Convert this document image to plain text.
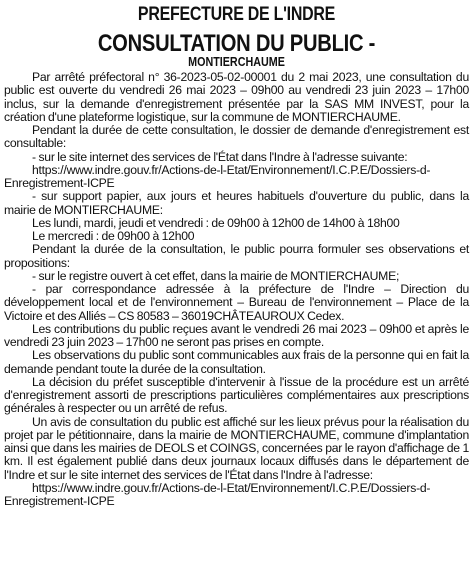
PREFECTURE DE L'INDRE
CONSULTATION DU PUBLIC -
MONTIERCHAUME

Par arrêté préfectoral n° 36-2023-05-02-00001 du 2 mai 2023, une consultation du public est ouverte du vendredi 26 mai 2023 – 09h00 au vendredi 23 juin 2023 – 17h00 inclus, sur la demande d'enregistrement présentée par la SAS MM INVEST, pour la création d'une plateforme logistique, sur la commune de MONTIERCHAUME.

Pendant la durée de cette consultation, le dossier de demande d'enregistrement est consultable:

- sur le site internet des services de l'État dans l'Indre à l'adresse suivante:

https://www.indre.gouv.fr/Actions-de-l-Etat/Environnement/I.C.P.E/Dossiers-d-Enregistrement-ICPE

- sur support papier, aux jours et heures habituels d'ouverture du public, dans la mairie de MONTIERCHAUME:

Les lundi, mardi, jeudi et vendredi : de 09h00 à 12h00 de 14h00 à 18h00

Le mercredi : de 09h00 à 12h00

Pendant la durée de la consultation, le public pourra formuler ses observations et propositions:

- sur le registre ouvert à cet effet, dans la mairie de MONTIERCHAUME;

- par correspondance adressée à la préfecture de l'Indre – Direction du développement local et de l'environnement – Bureau de l'environnement – Place de la Victoire et des Alliés – CS 80583 – 36019CHÂTEAUROUX Cedex.

Les contributions du public reçues avant le vendredi 26 mai 2023 – 09h00 et après le vendredi 23 juin 2023 – 17h00 ne seront pas prises en compte.

Les observations du public sont communicables aux frais de la personne qui en fait la demande pendant toute la durée de la consultation.

La décision du préfet susceptible d'intervenir à l'issue de la procédure est un arrêté d'enregistrement assorti de prescriptions particulières complémentaires aux prescriptions générales à respecter ou un arrêté de refus.

Un avis de consultation du public est affiché sur les lieux prévus pour la réalisation du projet par le pétitionnaire, dans la mairie de MONTIERCHAUME, commune d'implantation ainsi que dans les mairies de DEOLS et COINGS, concernées par le rayon d'affichage de 1 km. Il est également publié dans deux journaux locaux diffusés dans le département de l'Indre et sur le site internet des services de l'État dans l'Indre à l'adresse:

https://www.indre.gouv.fr/Actions-de-l-Etat/Environnement/I.C.P.E/Dossiers-d-Enregistrement-ICPE
